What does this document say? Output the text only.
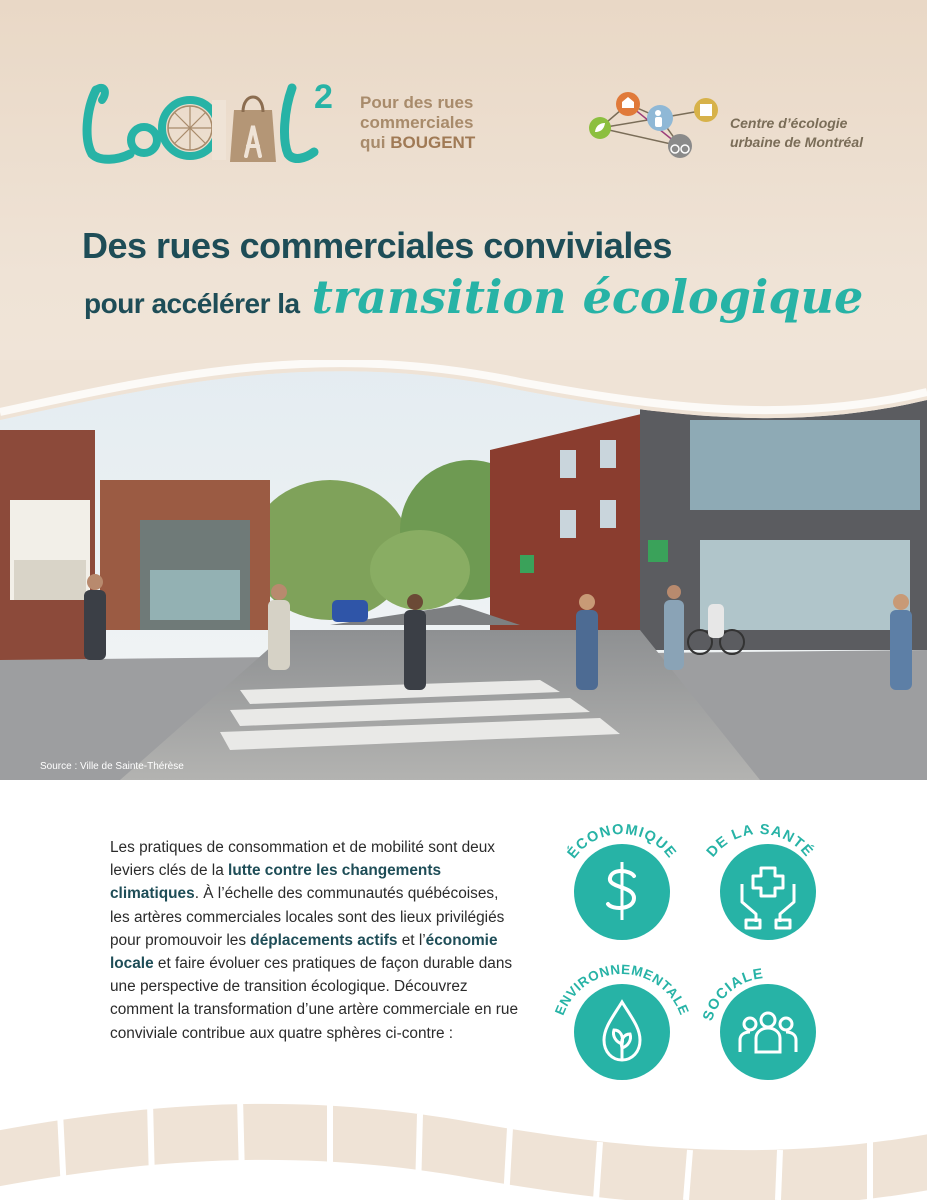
2 Pour des rues
commerciales
qui BOUGENT
Centre d’écologie
urbaine de Montréal
Des rues commerciales conviviales
pour accélérer la transition écologique
Source : Ville de Sainte-Thérèse
Les pratiques de consommation et de mobilité sont deux leviers clés de la lutte contre les changements climatiques. À l’échelle des communautés québécoises, les artères commerciales locales sont des lieux privilégiés pour promouvoir les déplacements actifs et l’économie locale et faire évoluer ces pratiques de façon durable dans une perspective de transition écologique. Découvrez comment la transformation d’une artère commerciale en rue conviviale contribue aux quatre sphères ci-contre :
ÉCONOMIQUE DE LA SANTÉ
ENVIRONNEMENTALE SOCIALE
